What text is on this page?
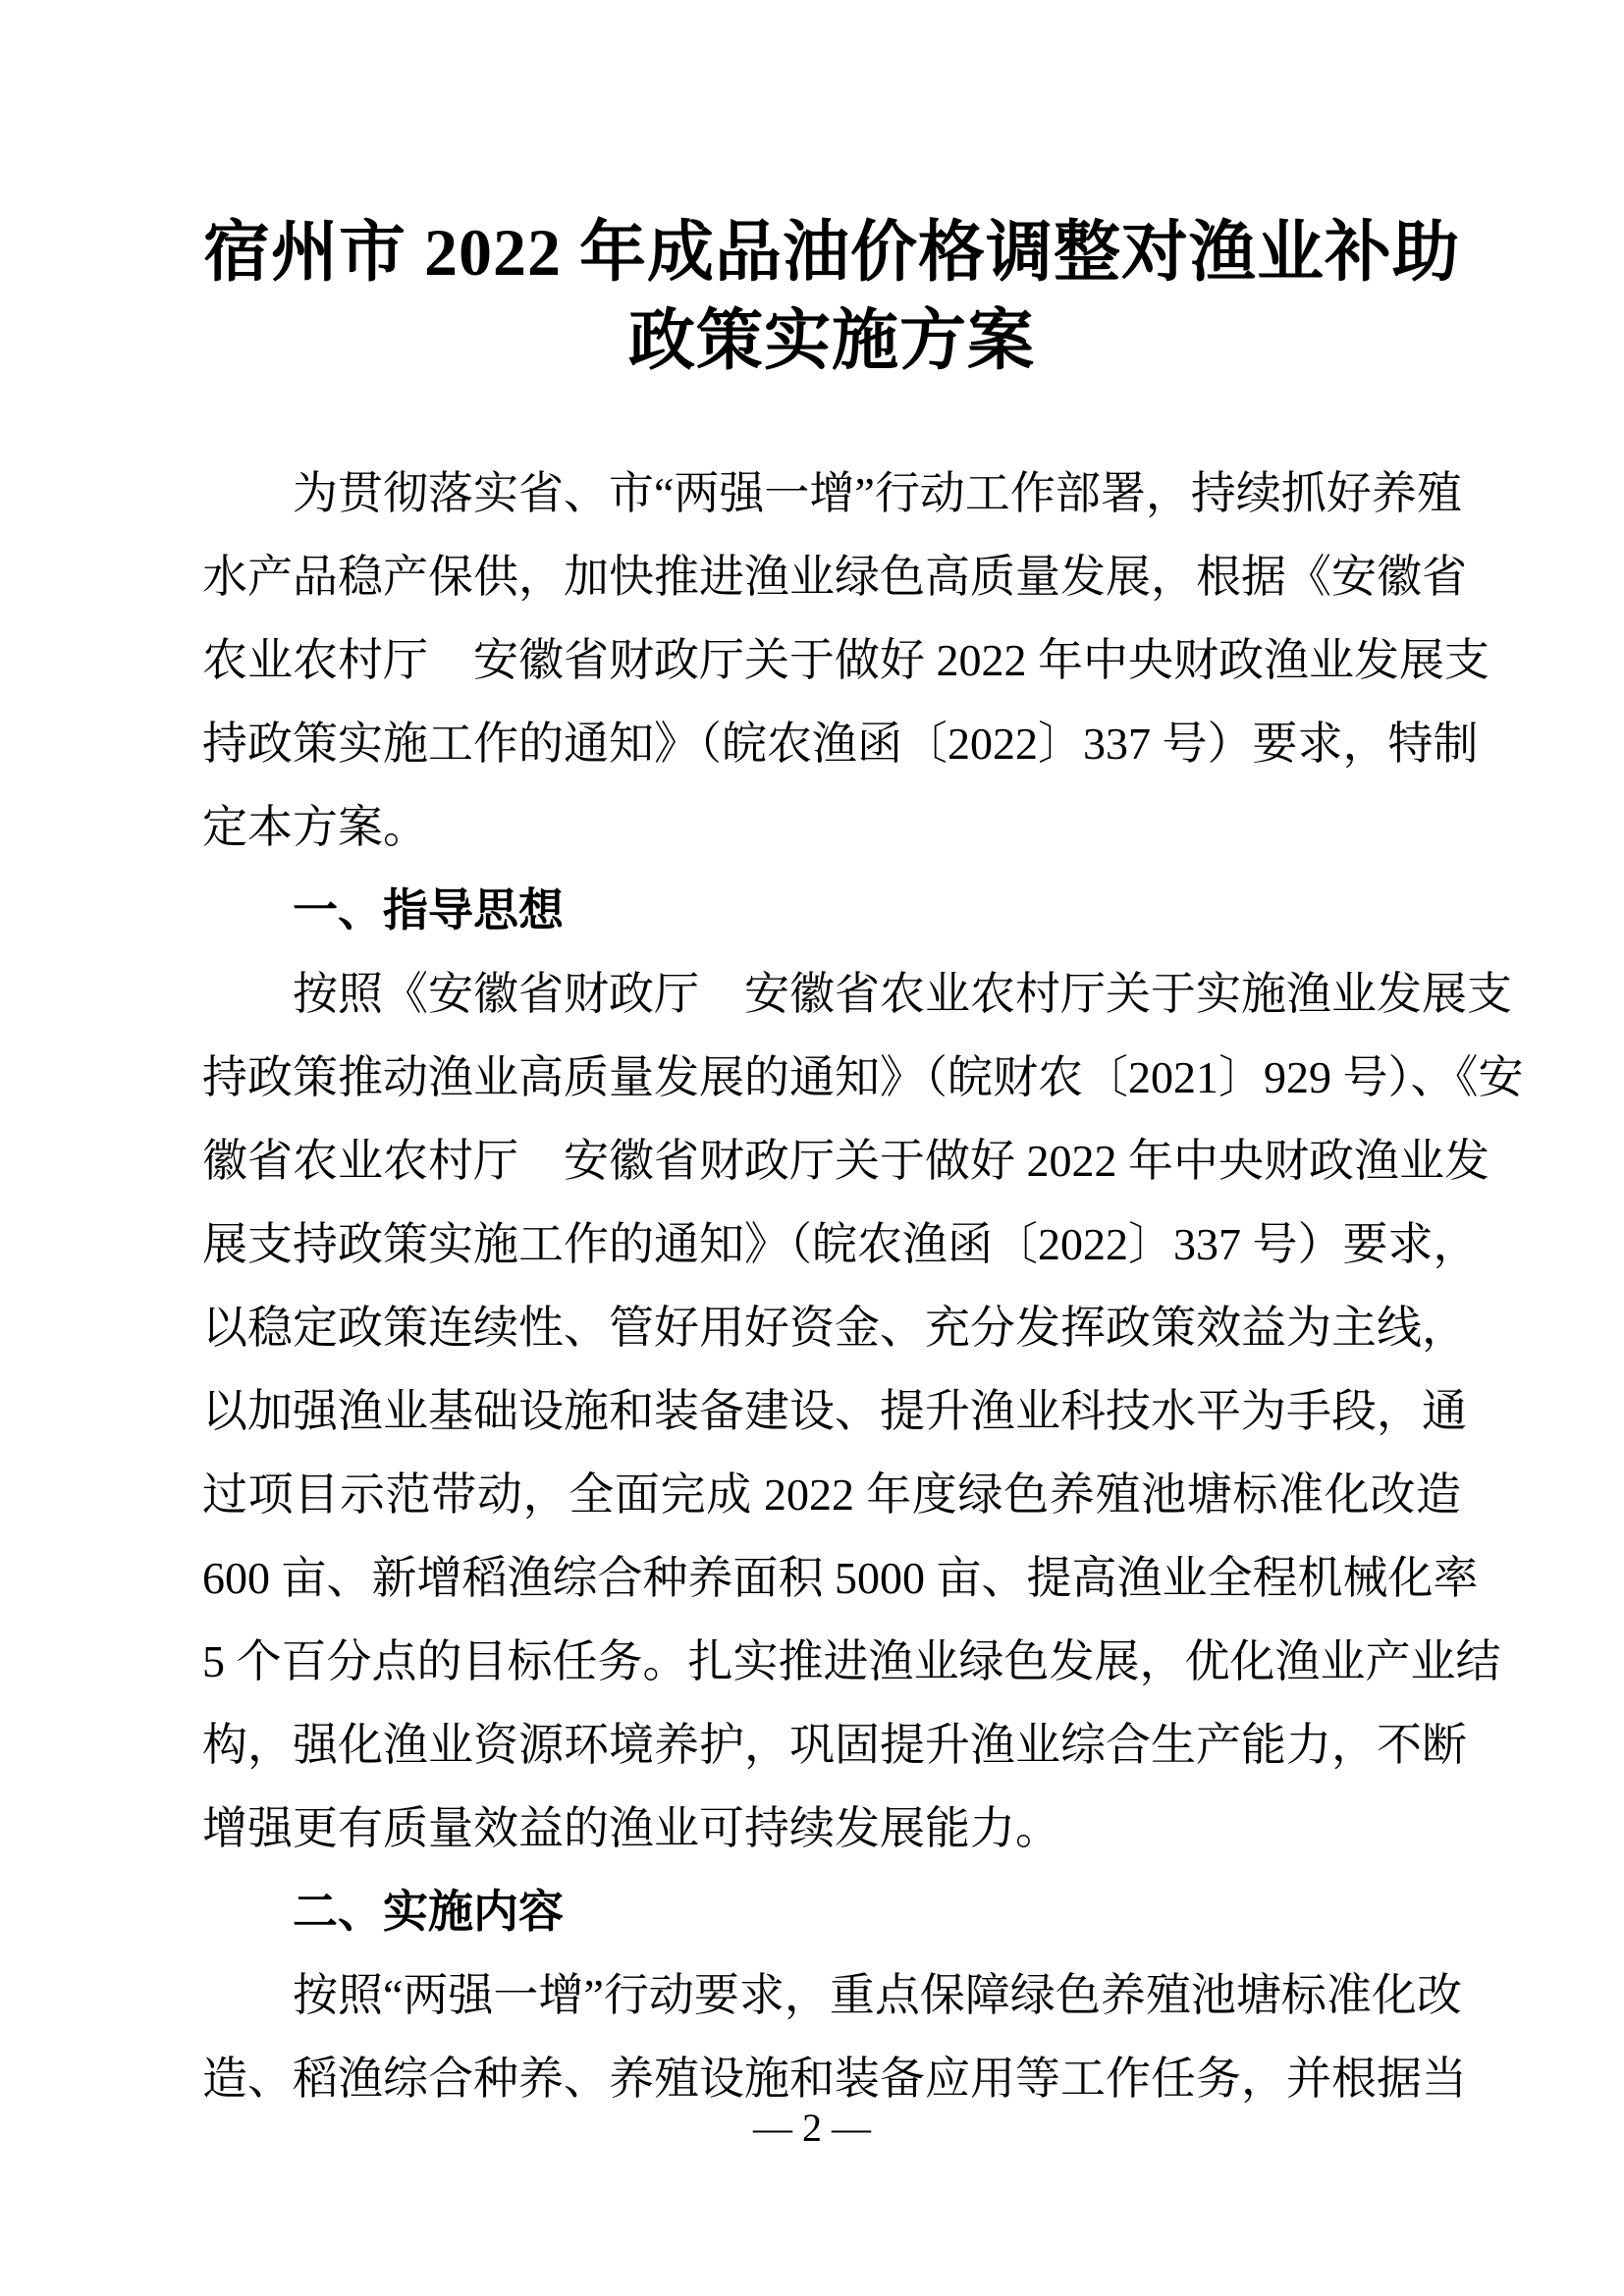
宿州市 2022 年成品油价格调整对渔业补助
政策实施方案
为贯彻落实省、市“两强一增”行动工作部署，持续抓好养殖
水产品稳产保供，加快推进渔业绿色高质量发展，根据《安徽省
农业农村厅　安徽省财政厅关于做好 2022 年中央财政渔业发展支
持政策实施工作的通知》（皖农渔函〔2022〕337 号）要求，特制
定本方案。
一、指导思想
按照《安徽省财政厅　安徽省农业农村厅关于实施渔业发展支
持政策推动渔业高质量发展的通知》（皖财农〔2021〕929 号）、《安
徽省农业农村厅　安徽省财政厅关于做好 2022 年中央财政渔业发
展支持政策实施工作的通知》（皖农渔函〔2022〕337 号）要求，
以稳定政策连续性、管好用好资金、充分发挥政策效益为主线，
以加强渔业基础设施和装备建设、提升渔业科技水平为手段，通
过项目示范带动，全面完成 2022 年度绿色养殖池塘标准化改造
600 亩、新增稻渔综合种养面积 5000 亩、提高渔业全程机械化率
5 个百分点的目标任务。扎实推进渔业绿色发展，优化渔业产业结
构，强化渔业资源环境养护，巩固提升渔业综合生产能力，不断
增强更有质量效益的渔业可持续发展能力。
二、实施内容
按照“两强一增”行动要求，重点保障绿色养殖池塘标准化改
造、稻渔综合种养、养殖设施和装备应用等工作任务，并根据当
— 2 —
